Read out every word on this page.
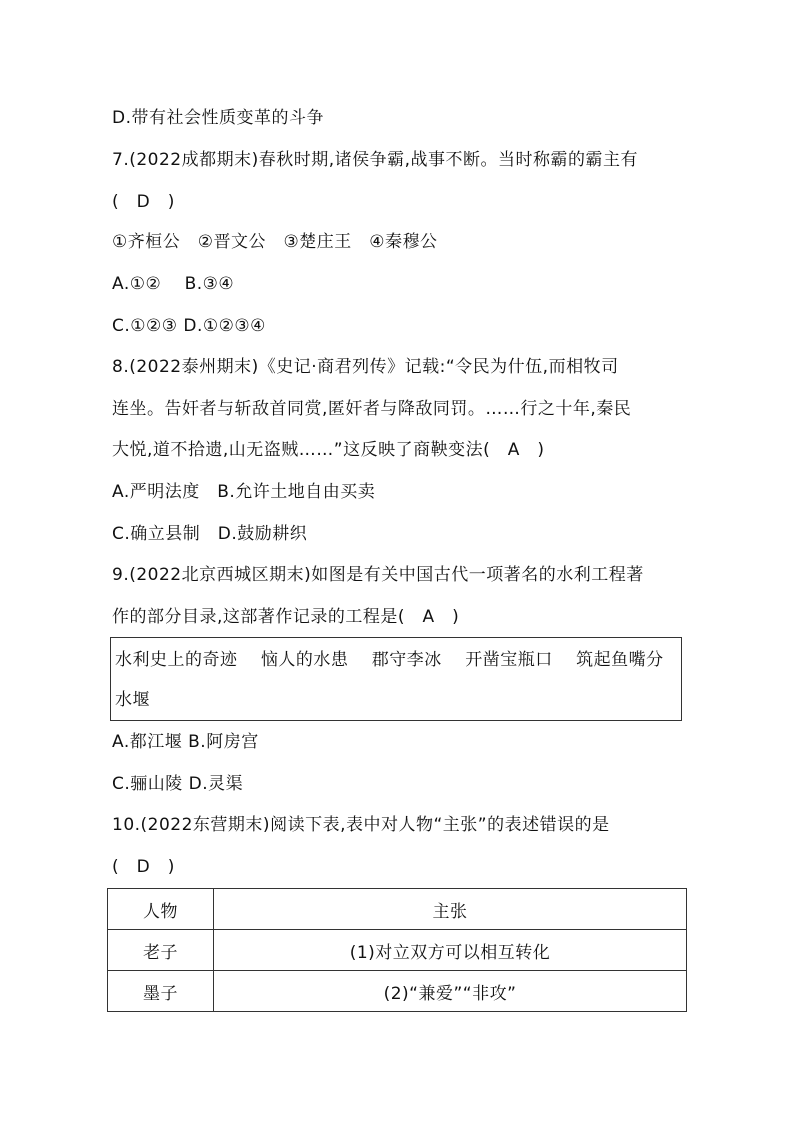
D.带有社会性质变革的斗争
7.(2022成都期末)春秋时期,诸侯争霸,战事不断。当时称霸的霸主有
(　D　)
①齐桓公　②晋文公　③楚庄王　④秦穆公
A.①②　 B.③④
C.①②③ D.①②③④
8.(2022泰州期末)《史记·商君列传》记载:“令民为什伍,而相牧司
连坐。告奸者与斩敌首同赏,匿奸者与降敌同罚。……行之十年,秦民
大悦,道不拾遗,山无盗贼……”这反映了商鞅变法(　A　)
A.严明法度　B.允许土地自由买卖
C.确立县制　D.鼓励耕织
9.(2022北京西城区期末)如图是有关中国古代一项著名的水利工程著
作的部分目录,这部著作记录的工程是(　A　)
水利史上的奇迹　 恼人的水患　 郡守李冰　 开凿宝瓶口　 筑起鱼嘴分
水堰
A.都江堰 B.阿房宫
C.骊山陵 D.灵渠
10.(2022东营期末)阅读下表,表中对人物“主张”的表述错误的是
(　D　)
人物	主张
老子	(1)对立双方可以相互转化
墨子	(2)“兼爱”“非攻”
